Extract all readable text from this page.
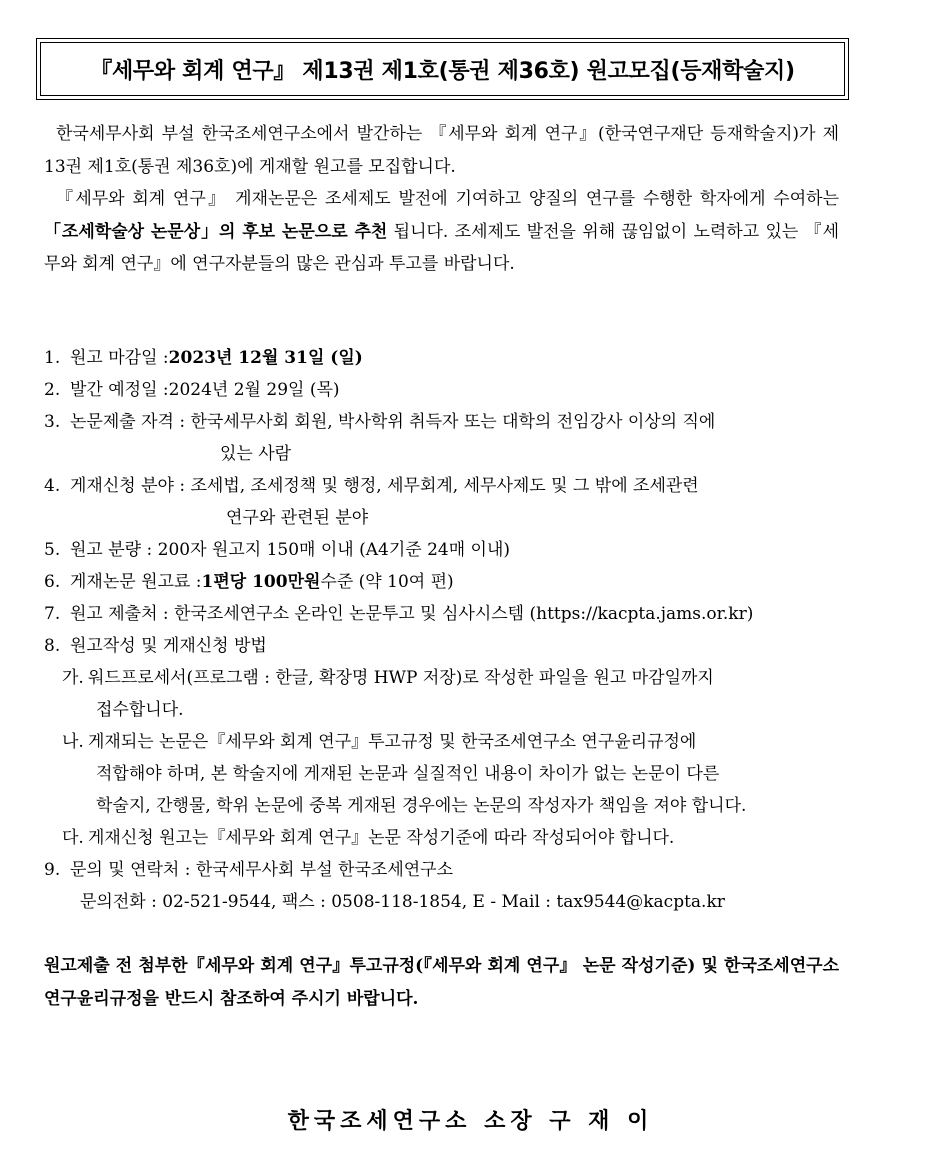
『세무와 회계 연구』 제13권 제1호(통권 제36호) 원고모집(등재학술지)

한국세무사회 부설 한국조세연구소에서 발간하는 『세무와 회계 연구』(한국연구재단 등재학술지)가 제13권 제1호(통권 제36호)에 게재할 원고를 모집합니다.

『세무와 회계 연구』 게재논문은 조세제도 발전에 기여하고 양질의 연구를 수행한 학자에게 수여하는 「조세학술상 논문상」의 후보 논문으로 추천 됩니다. 조세제도 발전을 위해 끊임없이 노력하고 있는 『세무와 회계 연구』에 연구자분들의 많은 관심과 투고를 바랍니다.

1. 원고 마감일 : 2023년 12월 31일 (일)
2. 발간 예정일 : 2024년 2월 29일 (목)
3. 논문제출 자격 : 한국세무사회 회원, 박사학위 취득자 또는 대학의 전임강사 이상의 직에
있는 사람
4. 게재신청 분야 : 조세법, 조세정책 및 행정, 세무회계, 세무사제도 및 그 밖에 조세관련
연구와 관련된 분야
5. 원고 분량 : 200자 원고지 150매 이내 (A4기준 24매 이내)
6. 게재논문 원고료 : 1편당 100만원 수준 (약 10여 편)
7. 원고 제출처 : 한국조세연구소 온라인 논문투고 및 심사시스템 (https://kacpta.jams.or.kr)
8. 원고작성 및 게재신청 방법
가. 워드프로세서(프로그램 : 한글, 확장명 HWP 저장)로 작성한 파일을 원고 마감일까지
접수합니다.
나. 게재되는 논문은『세무와 회계 연구』투고규정 및 한국조세연구소 연구윤리규정에
적합해야 하며, 본 학술지에 게재된 논문과 실질적인 내용이 차이가 없는 논문이 다른
학술지, 간행물, 학위 논문에 중복 게재된 경우에는 논문의 작성자가 책임을 져야 합니다.
다. 게재신청 원고는『세무와 회계 연구』논문 작성기준에 따라 작성되어야 합니다.
9. 문의 및 연락처 : 한국세무사회 부설 한국조세연구소
문의전화 : 02-521-9544, 팩스 : 0508-118-1854, E - Mail : tax9544@kacpta.kr

원고제출 전 첨부한『세무와 회계 연구』투고규정(『세무와 회계 연구』 논문 작성기준) 및 한국조세연구소 연구윤리규정을 반드시 참조하여 주시기 바랍니다.

한국조세연구소 소장 구 재 이
